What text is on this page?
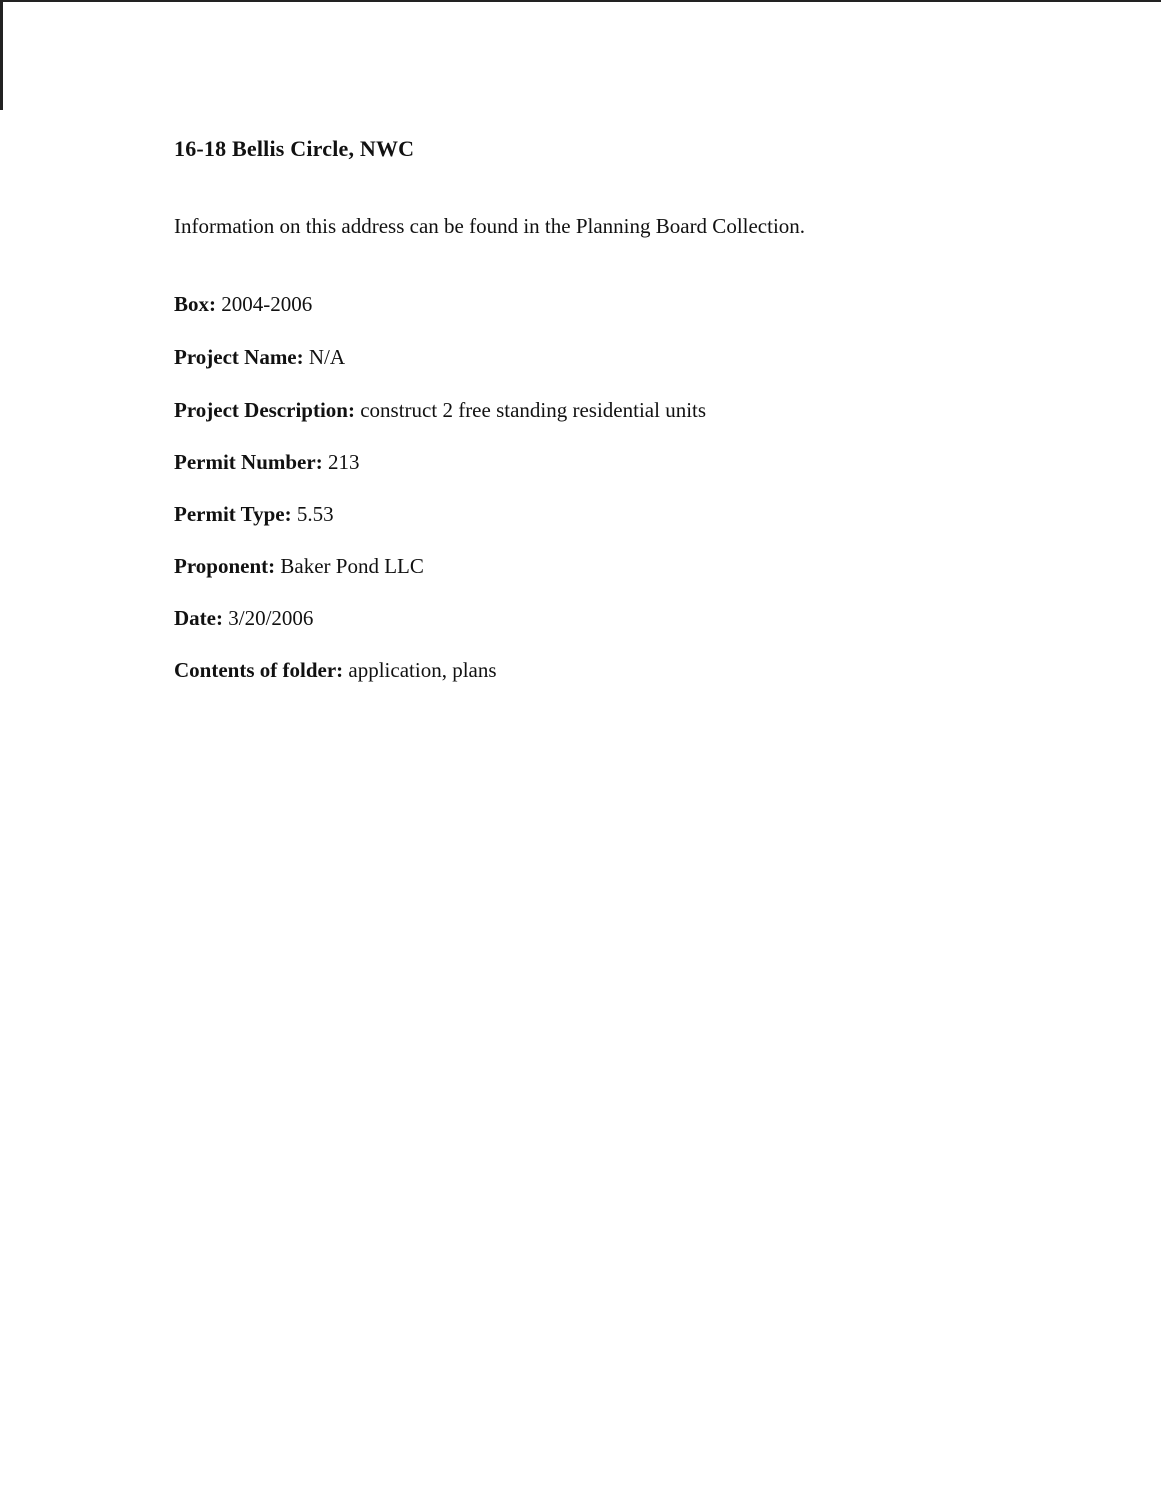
16-18 Bellis Circle, NWC
Information on this address can be found in the Planning Board Collection.
Box: 2004-2006
Project Name: N/A
Project Description: construct 2 free standing residential units
Permit Number: 213
Permit Type: 5.53
Proponent: Baker Pond LLC
Date: 3/20/2006
Contents of folder: application, plans
